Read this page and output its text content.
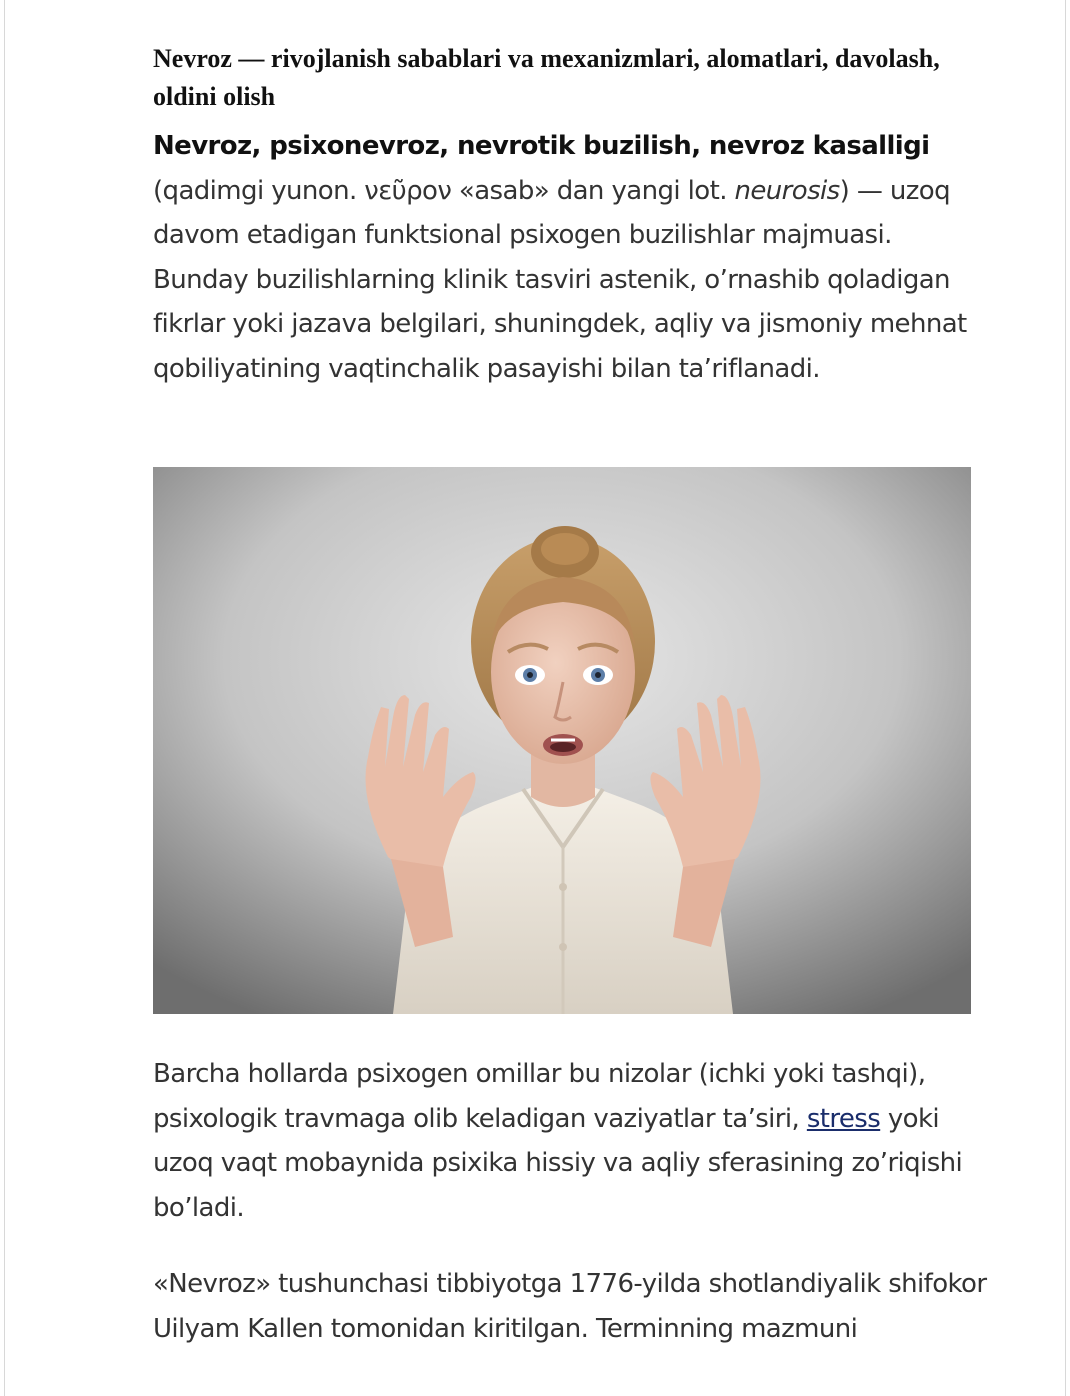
Nevroz — rivojlanish sabablari va mexanizmlari, alomatlari, davolash, oldini olish

Nevroz, psixonevroz, nevrotik buzilish, nevroz kasalligi (qadimgi yunon. νεῦρον «asab» dan yangi lot. neurosis) — uzoq davom etadigan funktsional psixogen buzilishlar majmuasi. Bunday buzilishlarning klinik tasviri astenik, oʼrnashib qoladigan fikrlar yoki jazava belgilari, shuningdek, aqliy va jismoniy mehnat qobiliyatining vaqtinchalik pasayishi bilan taʼriflanadi.

Barcha hollarda psixogen omillar bu nizolar (ichki yoki tashqi), psixologik travmaga olib keladigan vaziyatlar taʼsiri, stress yoki uzoq vaqt mobaynida psixika hissiy va aqliy sferasining zoʼriqishi boʼladi.

«Nevroz» tushunchasi tibbiyotga 1776-yilda shotlandiyalik shifokor Uilyam Kallen tomonidan kiritilgan. Terminning mazmuni
